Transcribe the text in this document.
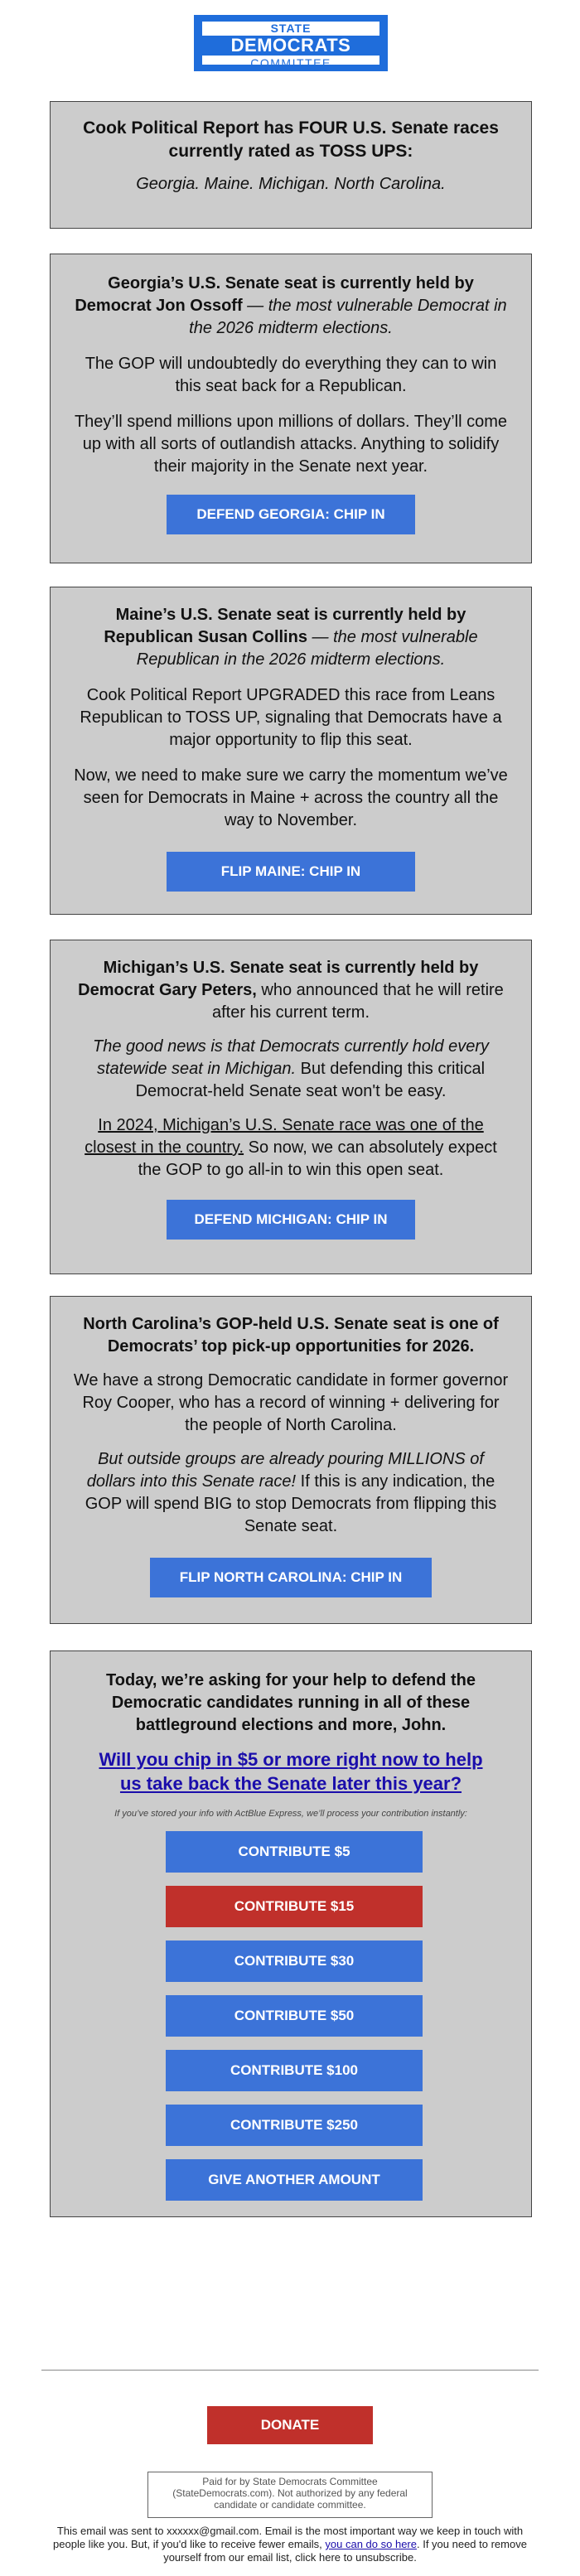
STATE
DEMOCRATS
COMMITTEE
Cook Political Report has FOUR U.S. Senate races currently rated as TOSS UPS:

Georgia. Maine. Michigan. North Carolina.

Georgia’s U.S. Senate seat is currently held by Democrat Jon Ossoff — the most vulnerable Democrat in the 2026 midterm elections.

The GOP will undoubtedly do everything they can to win this seat back for a Republican.

They’ll spend millions upon millions of dollars. They’ll come up with all sorts of outlandish attacks. Anything to solidify their majority in the Senate next year.

DEFEND GEORGIA: CHIP IN
Maine’s U.S. Senate seat is currently held by Republican Susan Collins — the most vulnerable Republican in the 2026 midterm elections.

Cook Political Report UPGRADED this race from Leans Republican to TOSS UP, signaling that Democrats have a major opportunity to flip this seat.

Now, we need to make sure we carry the momentum we’ve seen for Democrats in Maine + across the country all the way to November.

FLIP MAINE: CHIP IN
Michigan’s U.S. Senate seat is currently held by Democrat Gary Peters, who announced that he will retire after his current term.

The good news is that Democrats currently hold every statewide seat in Michigan. But defending this critical Democrat-held Senate seat won't be easy.

In 2024, Michigan’s U.S. Senate race was one of the closest in the country. So now, we can absolutely expect the GOP to go all-in to win this open seat.

DEFEND MICHIGAN: CHIP IN
North Carolina’s GOP-held U.S. Senate seat is one of Democrats’ top pick-up opportunities for 2026.

We have a strong Democratic candidate in former governor Roy Cooper, who has a record of winning + delivering for the people of North Carolina.

But outside groups are already pouring MILLIONS of dollars into this Senate race! If this is any indication, the GOP will spend BIG to stop Democrats from flipping this Senate seat.

FLIP NORTH CAROLINA: CHIP IN
Today, we’re asking for your help to defend the Democratic candidates running in all of these battleground elections and more, John.

Will you chip in $5 or more right now to help us take back the Senate later this year?

If you’ve stored your info with ActBlue Express, we’ll process your contribution instantly:

CONTRIBUTE $5
CONTRIBUTE $15
CONTRIBUTE $30
CONTRIBUTE $50
CONTRIBUTE $100
CONTRIBUTE $250
GIVE ANOTHER AMOUNT
DONATE
Paid for by State Democrats Committee (StateDemocrats.com). Not authorized by any federal candidate or candidate committee.
This email was sent to xxxxxx@gmail.com. Email is the most important way we keep in touch with people like you. But, if you'd like to receive fewer emails, you can do so here. If you need to remove yourself from our email list, click here to unsubscribe.
